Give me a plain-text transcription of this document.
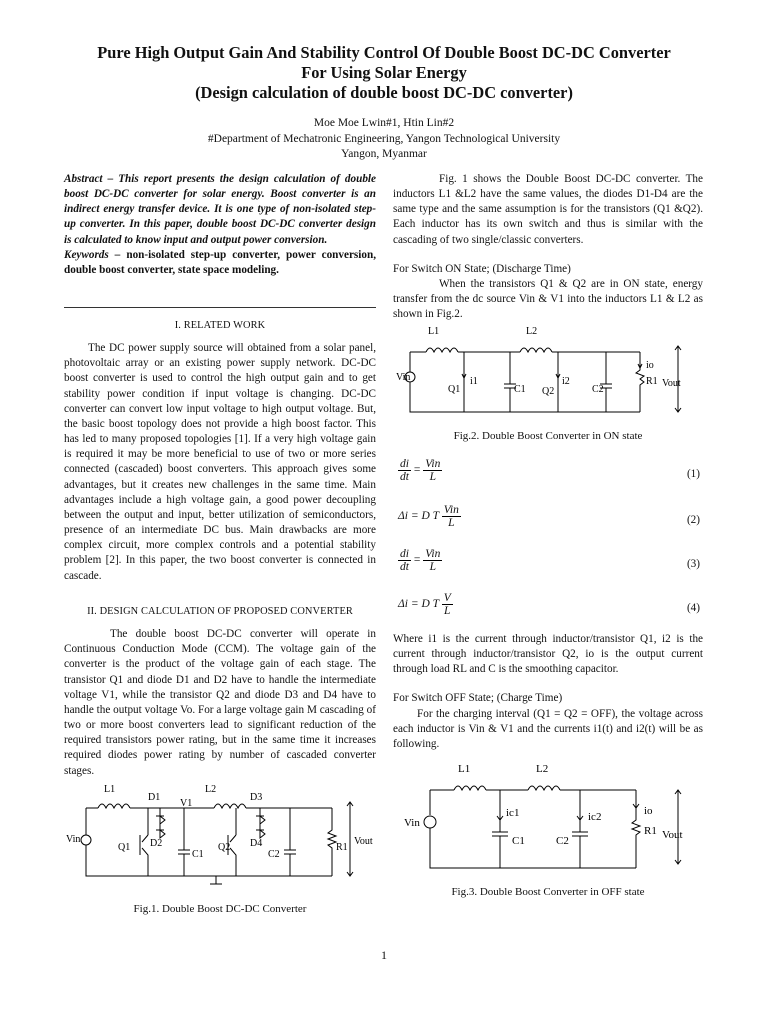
Pure High Output Gain And Stability Control Of Double Boost DC-DC Converter
For Using Solar Energy
(Design calculation of double boost DC-DC converter)
Moe Moe Lwin#1, Htin Lin#2
#Department of Mechatronic Engineering, Yangon Technological University
Yangon, Myanmar

Abstract – This report presents the design calculation of double boost DC-DC converter for solar energy. Boost converter is an indirect energy transfer device. It is one type of non-isolated step-up converter. In this paper, double boost DC-DC converter design is calculated to know input and output power conversion.

Keywords – non-isolated step-up converter, power conversion, double boost converter, state space modeling.

I. RELATED WORK

The DC power supply source will obtained from a solar panel, photovoltaic array or an existing power supply network. DC-DC boost converter is used to control the high output gain and to get stability power condition if input voltage is changing. DC-DC converter can convert low input voltage to high output voltage. But, the basic boost topology does not provide a high boost factor. This has led to many proposed topologies [1]. If a very high voltage gain is required it may be more beneficial to use of two or more series connected (cascaded) boost converters. This approach gives some advantages, but it creates new challenges in the same time. Main advantages include a high voltage gain, a good power decoupling between the output and input, better utilization of semiconductors, presence of an intermediate DC bus. Main drawbacks are more complex circuit, more complex controls and a potential stability problem [2]. In this paper, the two boost converter is connected in cascade.

II. DESIGN CALCULATION OF PROPOSED CONVERTER

The double boost DC-DC converter will operate in Continuous Conduction Mode (CCM). The voltage gain of the converter is the product of the voltage gain of each stage. The transistor Q1 and diode D1 and D2 have to handle the intermediate voltage V1, while the transistor Q2 and diode D3 and D4 have to handle the output voltage Vo. For a large voltage gain M cascading of two or more boost converters lead to significant reduction of the required transistors power rating, but in the same time it increases required diodes power rating by number of cascaded converter stages.

L1
D1
D2
V1
L2
D3
D4
Q1	Q2
C1	C2
R1
Vin	Vout
Fig.1. Double Boost DC-DC Converter

Fig. 1 shows the Double Boost DC-DC converter. The inductors L1 &L2 have the same values, the diodes D1-D4 are the same type and the same assumption is for the transistors (Q1 &Q2). Each inductor has its own switch and thus is similar with the cascading of two single/classic converters.

For Switch ON State; (Discharge Time)

When the transistors Q1 & Q2 are in ON state, energy transfer from the dc source Vin & V1 into the inductors L1 & L2 as shown in Fig.2.

L1	L2
Vin
Q1
i1
C1 Q2
i2
C2
io
R1 Vout
Fig.2. Double Boost Converter in ON state
$\frac{di}{dt} = \frac{\text{Vin}}{L}$	(1)
Δi = D T $\frac{\text{Vin}}{L}$	(2)
$\frac{di}{dt} = \frac{\text{Vin}}{L}$	(3)
Δi = D T $\frac{V}{L}$	(4)

Where i1 is the current through inductor/transistor Q1, i2 is the current through inductor/transistor Q2, io is the output current through load RL and C is the smoothing capacitor.

For Switch OFF State; (Charge Time)

For the charging interval (Q1 = Q2 = OFF), the voltage across each inductor is Vin & V1 and the currents i1(t) and i2(t) will be as following.

L1	L2
Vin
ic1
C1
ic2
C2
io
R1 Vout
Fig.3. Double Boost Converter in OFF state
1
